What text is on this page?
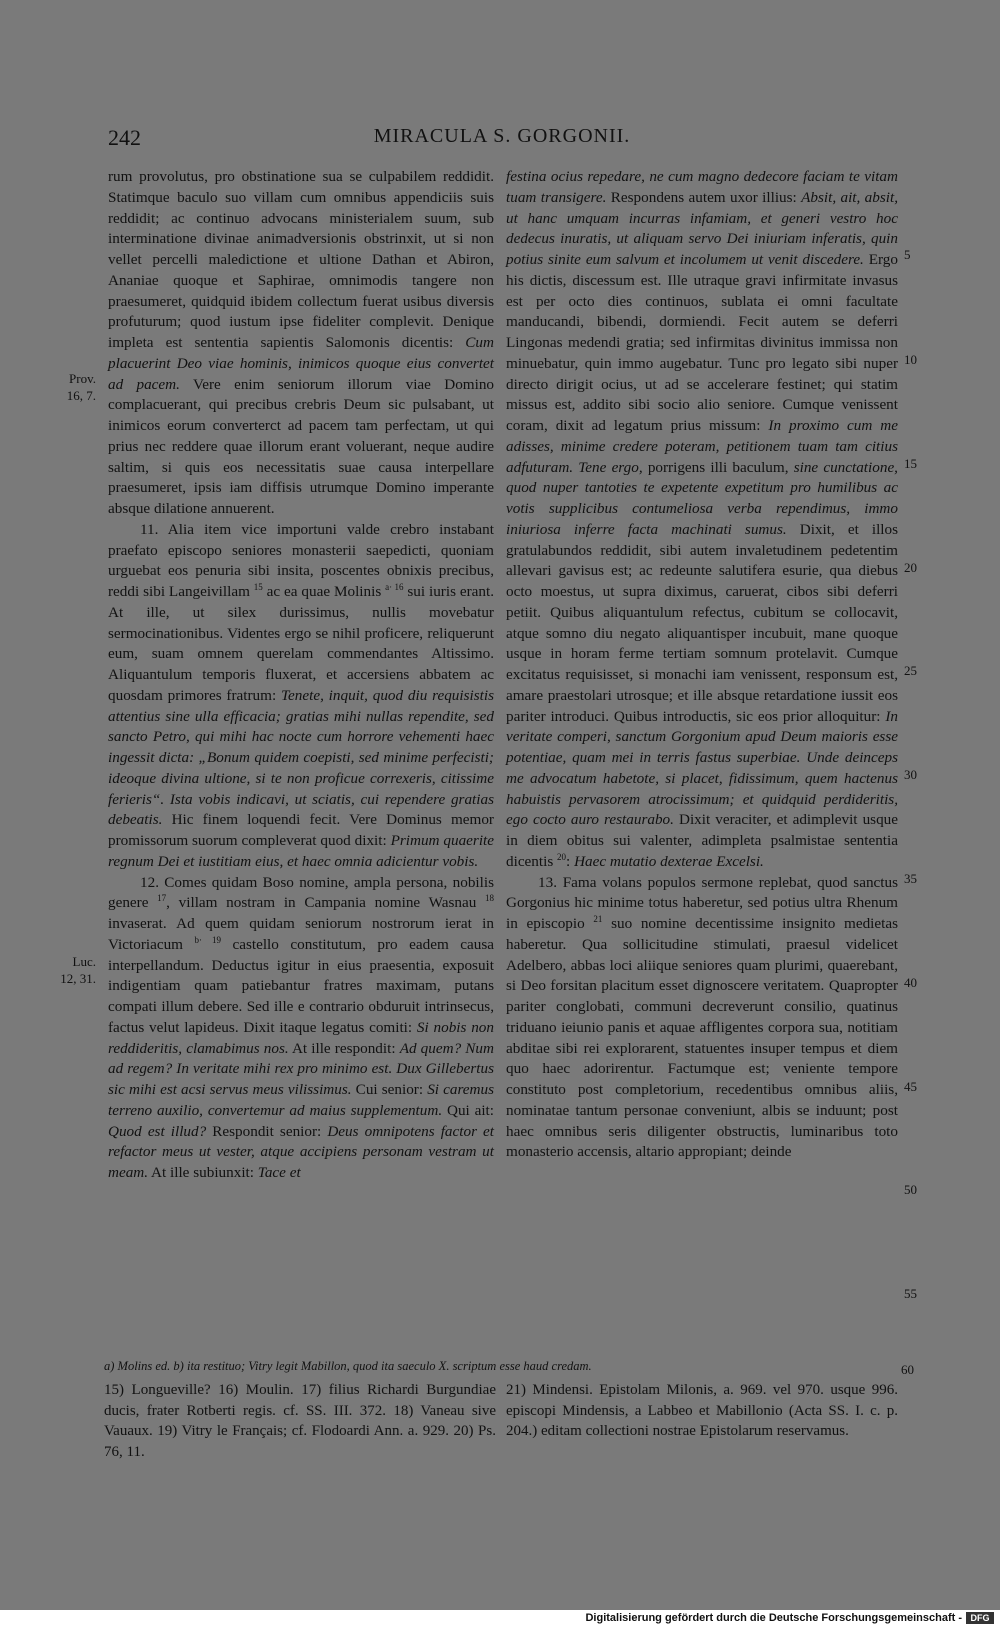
242	MIRACULA S. GORGONII.
Prov.
16, 7.
Luc.
12, 31.

rum provolutus, pro obstinatione sua se culpabilem reddidit. Statimque baculo suo villam cum omnibus appendiciis suis reddidit; ac continuo advocans ministerialem suum, sub interminatione divinae animadversionis obstrinxit, ut si non vellet percelli maledictione et ultione Dathan et Abiron, Ananiae quoque et Saphirae, omnimodis tangere non praesumeret, quidquid ibidem collectum fuerat usibus diversis profuturum; quod iustum ipse fideliter complevit. Denique impleta est sententia sapientis Salomonis dicentis: Cum placuerint Deo viae hominis, inimicos quoque eius convertet ad pacem. Vere enim seniorum illorum viae Domino complacuerant, qui precibus crebris Deum sic pulsabant, ut inimicos eorum converterct ad pacem tam perfectam, ut qui prius nec reddere quae illorum erant voluerant, neque audire saltim, si quis eos necessitatis suae causa interpellare praesumeret, ipsis iam diffisis utrumque Domino imperante absque dilatione annuerent.

11. Alia item vice importuni valde crebro instabant praefato episcopo seniores monasterii saepedicti, quoniam urguebat eos penuria sibi insita, poscentes obnixis precibus, reddi sibi Langeivillam $^{15}$ ac ea quae Molinis $^{a\cdot 16}$ sui iuris erant. At ille, ut silex durissimus, nullis movebatur sermocinationibus. Videntes ergo se nihil proficere, reliquerunt eum, suam omnem querelam commendantes Altissimo. Aliquantulum temporis fluxerat, et accersiens abbatem ac quosdam primores fratrum: Tenete, inquit, quod diu requisistis attentius sine ulla efficacia; gratias mihi nullas rependite, sed sancto Petro, qui mihi hac nocte cum horrore vehementi haec ingessit dicta: „Bonum quidem coepisti, sed minime perfecisti; ideoque divina ultione, si te non proficue correxeris, citissime ferieris“. Ista vobis indicavi, ut sciatis, cui rependere gratias debeatis. Hic finem loquendi fecit. Vere Dominus memor promissorum suorum compleverat quod dixit: Primum quaerite regnum Dei et iustitiam eius, et haec omnia adicientur vobis.

12. Comes quidam Boso nomine, ampla persona, nobilis genere $^{17}$, villam nostram in Campania nomine Wasnau $^{18}$ invaserat. Ad quem quidam seniorum nostrorum ierat in Victoriacum $^{b\cdot 19}$ castello constitutum, pro eadem causa interpellandum. Deductus igitur in eius praesentia, exposuit indigentiam quam patiebantur fratres maximam, putans compati illum debere. Sed ille e contrario obduruit intrinsecus, factus velut lapideus. Dixit itaque legatus comiti: Si nobis non reddideritis, clamabimus nos. At ille respondit: Ad quem? Num ad regem? In veritate mihi rex pro minimo est. Dux Gillebertus sic mihi est acsi servus meus vilissimus. Cui senior: Si caremus terreno auxilio, convertemur ad maius supplementum. Qui ait: Quod est illud? Respondit senior: Deus omnipotens factor et refactor meus ut vester, atque accipiens personam vestram ut meam. At ille subiunxit: Tace et

festina ocius repedare, ne cum magno dedecore faciam te vitam tuam transigere. Respondens autem uxor illius: Absit, ait, absit, ut hanc umquam incurras infamiam, et generi vestro hoc dedecus inuratis, ut aliquam servo Dei iniuriam inferatis, quin potius sinite eum salvum et incolumem ut venit discedere. Ergo his dictis, discessum est. Ille utraque gravi infirmitate invasus est per octo dies continuos, sublata ei omni facultate manducandi, bibendi, dormiendi. Fecit autem se deferri Lingonas medendi gratia; sed infirmitas divinitus immissa non minuebatur, quin immo augebatur. Tunc pro legato sibi nuper directo dirigit ocius, ut ad se accelerare festinet; qui statim missus est, addito sibi socio alio seniore. Cumque venissent coram, dixit ad legatum prius missum: In proximo cum me adisses, minime credere poteram, petitionem tuam tam citius adfuturam. Tene ergo, porrigens illi baculum, sine cunctatione, quod nuper tantoties te expetente expetitum pro humilibus ac votis supplicibus contumeliosa verba rependimus, immo iniuriosa inferre facta machinati sumus. Dixit, et illos gratulabundos reddidit, sibi autem invaletudinem pedetentim allevari gavisus est; ac redeunte salutifera esurie, qua diebus octo moestus, ut supra diximus, caruerat, cibos sibi deferri petiit. Quibus aliquantulum refectus, cubitum se collocavit, atque somno diu negato aliquantisper incubuit, mane quoque usque in horam ferme tertiam somnum protelavit. Cumque excitatus requisisset, si monachi iam venissent, responsum est, amare praestolari utrosque; et ille absque retardatione iussit eos pariter introduci. Quibus introductis, sic eos prior alloquitur: In veritate comperi, sanctum Gorgonium apud Deum maioris esse potentiae, quam mei in terris fastus superbiae. Unde deinceps me advocatum habetote, si placet, fidissimum, quem hactenus habuistis pervasorem atrocissimum; et quidquid perdideritis, ego cocto auro restaurabo. Dixit veraciter, et adimplevit usque in diem obitus sui valenter, adimpleta psalmistae sententia dicentis $^{20}$: Haec mutatio dexterae Excelsi.

13. Fama volans populos sermone replebat, quod sanctus Gorgonius hic minime totus haberetur, sed potius ultra Rhenum in episcopio $^{21}$ suo nomine decentissime insignito medietas haberetur. Qua sollicitudine stimulati, praesul videlicet Adelbero, abbas loci aliique seniores quam plurimi, quaerebant, si Deo forsitan placitum esset dignoscere veritatem. Quapropter pariter conglobati, communi decreverunt consilio, quatinus triduano ieiunio panis et aquae affligentes corpora sua, notitiam abditae sibi rei explorarent, statuentes insuper tempus et diem quo haec adorirentur. Factumque est; veniente tempore constituto post completorium, recedentibus omnibus aliis, nominatae tantum personae conveniunt, albis se induunt; post haec omnibus seris diligenter obstructis, luminaribus toto monasterio accensis, altario appropiant; deinde

5
10
15
20
25
30
35
40
45
50
55
a) Molins ed. b) ita restituo; Vitry legit Mabillon, quod ita saeculo X. scriptum esse haud credam.	60

15) Longueville? 16) Moulin. 17) filius Richardi Burgundiae ducis, frater Rotberti regis. cf. SS. III. 372. 18) Vaneau sive Vauaux. 19) Vitry le Français; cf. Flodoardi Ann. a. 929. 20) Ps. 76, 11.

21) Mindensi. Epistolam Milonis, a. 969. vel 970. usque 996. episcopi Mindensis, a Labbeo et Mabillonio (Acta SS. I. c. p. 204.) editam collectioni nostrae Epistolarum reservamus.

Digitalisierung gefördert durch die Deutsche Forschungsgemeinschaft - DFG
